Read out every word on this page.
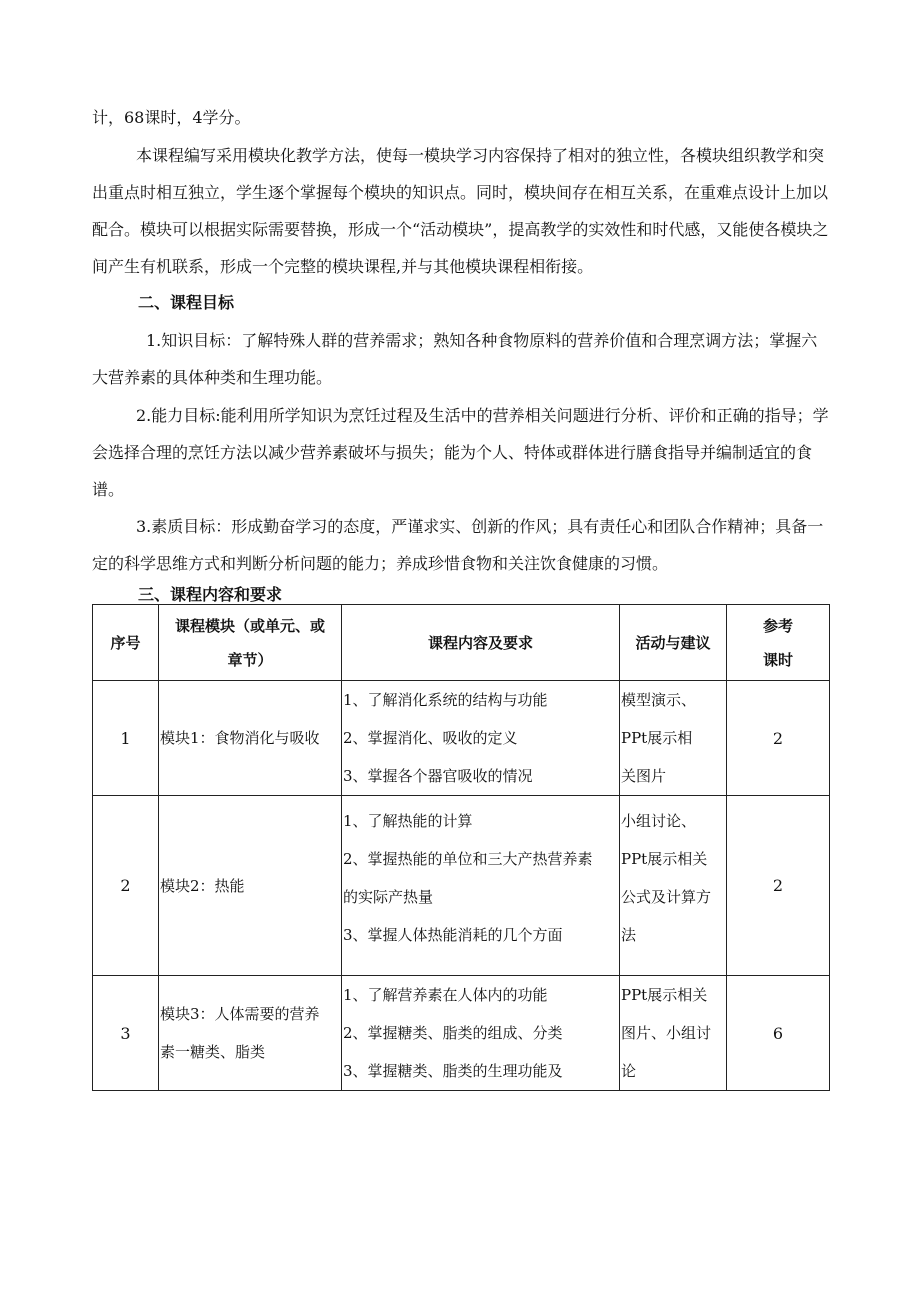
计，68课时，4学分。

本课程编写采用模块化教学方法，使每一模块学习内容保持了相对的独立性，各模块组织教学和突出重点时相互独立，学生逐个掌握每个模块的知识点。同时，模块间存在相互关系，在重难点设计上加以配合。模块可以根据实际需要替换，形成一个“活动模块”，提高教学的实效性和时代感，又能使各模块之间产生有机联系，形成一个完整的模块课程,并与其他模块课程相衔接。

二、课程目标

1.知识目标：了解特殊人群的营养需求；熟知各种食物原料的营养价值和合理烹调方法；掌握六大营养素的具体种类和生理功能。

2.能力目标:能利用所学知识为烹饪过程及生活中的营养相关问题进行分析、评价和正确的指导；学会选择合理的烹饪方法以减少营养素破坏与损失；能为个人、特体或群体进行膳食指导并编制适宜的食谱。

3.素质目标：形成勤奋学习的态度，严谨求实、创新的作风；具有责任心和团队合作精神；具备一定的科学思维方式和判断分析问题的能力；养成珍惜食物和关注饮食健康的习惯。

三、课程内容和要求

序号	课程模块（或单元、或
章节）	课程内容及要求	活动与建议	参考
课时

1	模块1：食物消化与吸收	1、了解消化系统的结构与功能
2、掌握消化、吸收的定义
3、掌握各个器官吸收的情况	模型演示、
PPt展示相
关图片	2
2	模块2：热能	1、了解热能的计算
2、掌握热能的单位和三大产热营养素
的实际产热量
3、掌握人体热能消耗的几个方面	小组讨论、
PPt展示相关
公式及计算方
法	2
3	模块3：人体需要的营养
素一糖类、脂类	1、了解营养素在人体内的功能
2、掌握糖类、脂类的组成、分类
3、掌握糖类、脂类的生理功能及	PPt展示相关
图片、小组讨
论	6
